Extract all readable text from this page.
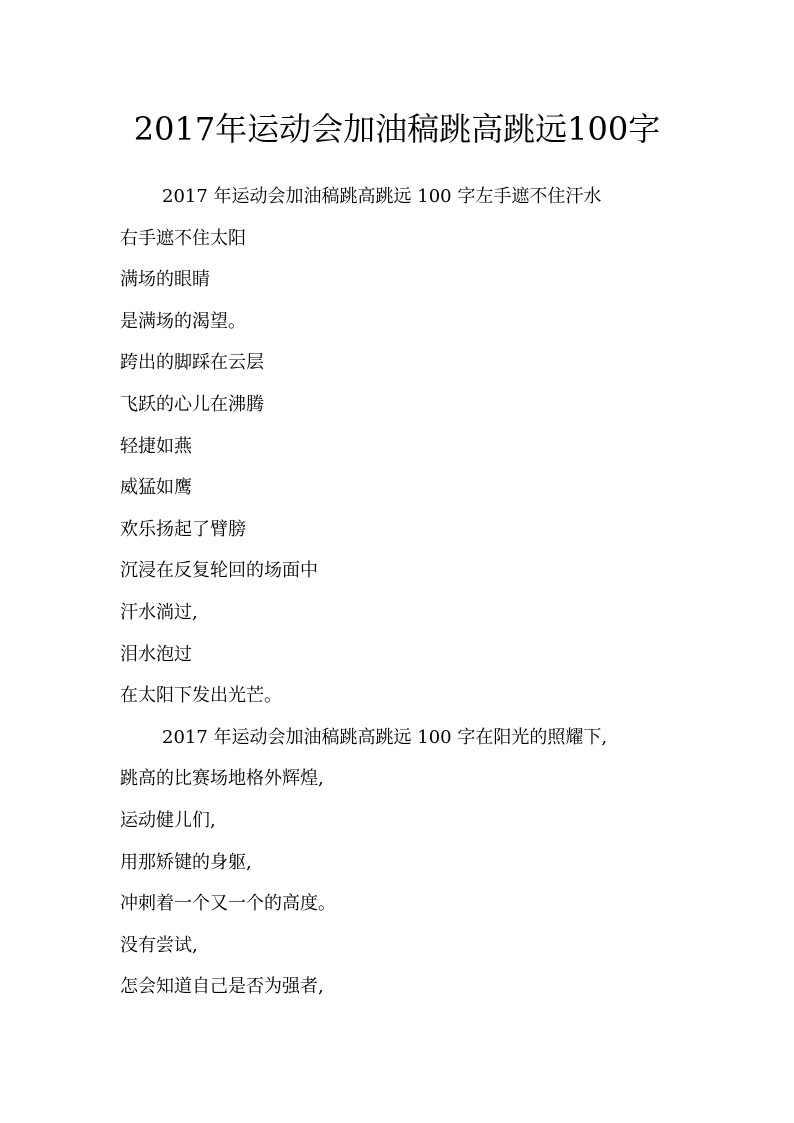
2017年运动会加油稿跳高跳远100字
2017 年运动会加油稿跳高跳远 100 字左手遮不住汗水
右手遮不住太阳
满场的眼睛
是满场的渴望。
跨出的脚踩在云层
飞跃的心儿在沸腾
轻捷如燕
威猛如鹰
欢乐扬起了臂膀
沉浸在反复轮回的场面中
汗水淌过,
泪水泡过
在太阳下发出光芒。
2017 年运动会加油稿跳高跳远 100 字在阳光的照耀下,
跳高的比赛场地格外辉煌,
运动健儿们,
用那矫键的身躯,
冲刺着一个又一个的高度。
没有尝试,
怎会知道自己是否为强者,
